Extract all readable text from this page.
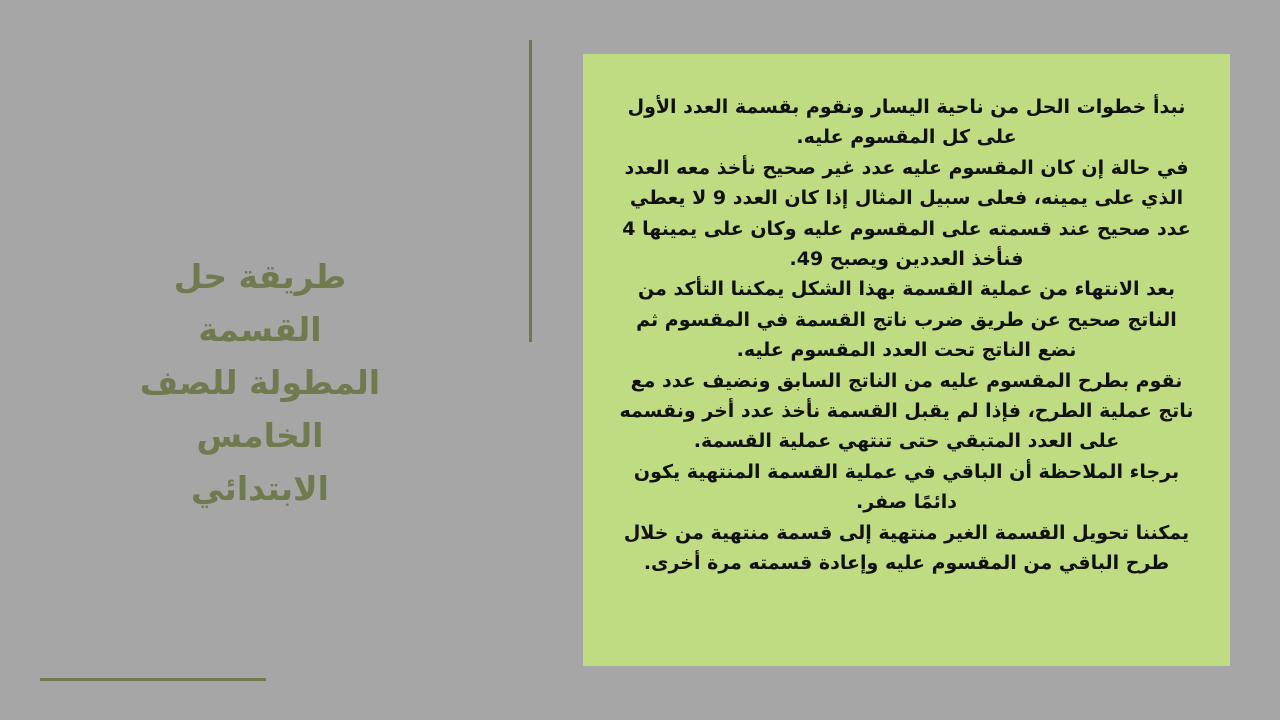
طريقة حل
القسمة
المطولة للصف
الخامس
الابتدائي

نبدأ خطوات الحل من ناحية اليسار ونقوم بقسمة العدد الأول على كل المقسوم عليه.

في حالة إن كان المقسوم عليه عدد غير صحيح نأخذ معه العدد الذي على يمينه، فعلى سبيل المثال إذا كان العدد 9 لا يعطي عدد صحيح عند قسمته على المقسوم عليه وكان على يمينها 4 فنأخذ العددين ويصبح 49.

بعد الانتهاء من عملية القسمة بهذا الشكل يمكننا التأكد من الناتج صحيح عن طريق ضرب ناتج القسمة في المقسوم ثم نضع الناتج تحت العدد المقسوم عليه.

نقوم بطرح المقسوم عليه من الناتج السابق ونضيف عدد مع ناتج عملية الطرح، فإذا لم يقبل القسمة نأخذ عدد أخر ونقسمه على العدد المتبقي حتى تنتهي عملية القسمة.

برجاء الملاحظة أن الباقي في عملية القسمة المنتهية يكون دائمًا صفر.

يمكننا تحويل القسمة الغير منتهية إلى قسمة منتهية من خلال طرح الباقي من المقسوم عليه وإعادة قسمته مرة أخرى.
